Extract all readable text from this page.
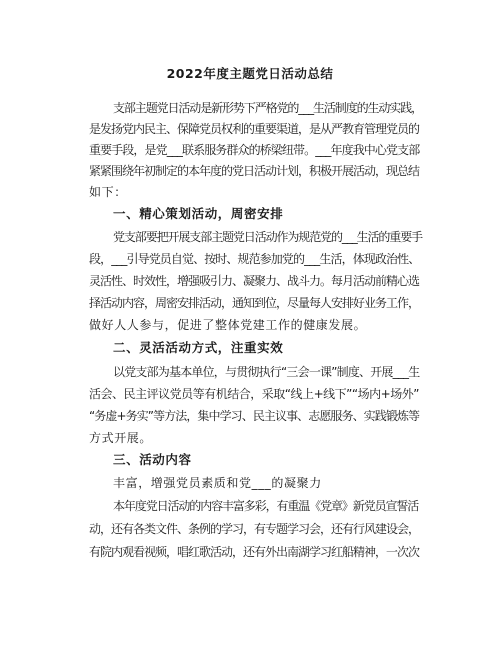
2022年度主题党日活动总结
支部主题党日活动是新形势下严格党的___生活制度的生动实践，
是发扬党内民主、保障党员权利的重要渠道，是从严教育管理党员的
重要手段，是党___联系服务群众的桥梁纽带。___年度我中心党支部
紧紧围绕年初制定的本年度的党日活动计划，积极开展活动，现总结
如下：
一、精心策划活动，周密安排
党支部要把开展支部主题党日活动作为规范党的___生活的重要手
段，___引导党员自觉、按时、规范参加党的___生活，体现政治性、
灵活性、时效性，增强吸引力、凝聚力、战斗力。每月活动前精心选
择活动内容，周密安排活动，通知到位，尽量每人安排好业务工作，
做好人人参与，促进了整体党建工作的健康发展。
二、灵活活动方式，注重实效
以党支部为基本单位，与贯彻执行“三会一课”制度、开展___生
活会、民主评议党员等有机结合，采取“线上+线下”“场内+场外”
“务虚+务实”等方法，集中学习、民主议事、志愿服务、实践锻炼等
方式开展。
三、活动内容
丰富，增强党员素质和党___的凝聚力
本年度党日活动的内容丰富多彩，有重温《党章》新党员宣誓活
动，还有各类文件、条例的学习，有专题学习会，还有行风建设会，
有院内观看视频，唱红歌活动，还有外出南湖学习红船精神，一次次
